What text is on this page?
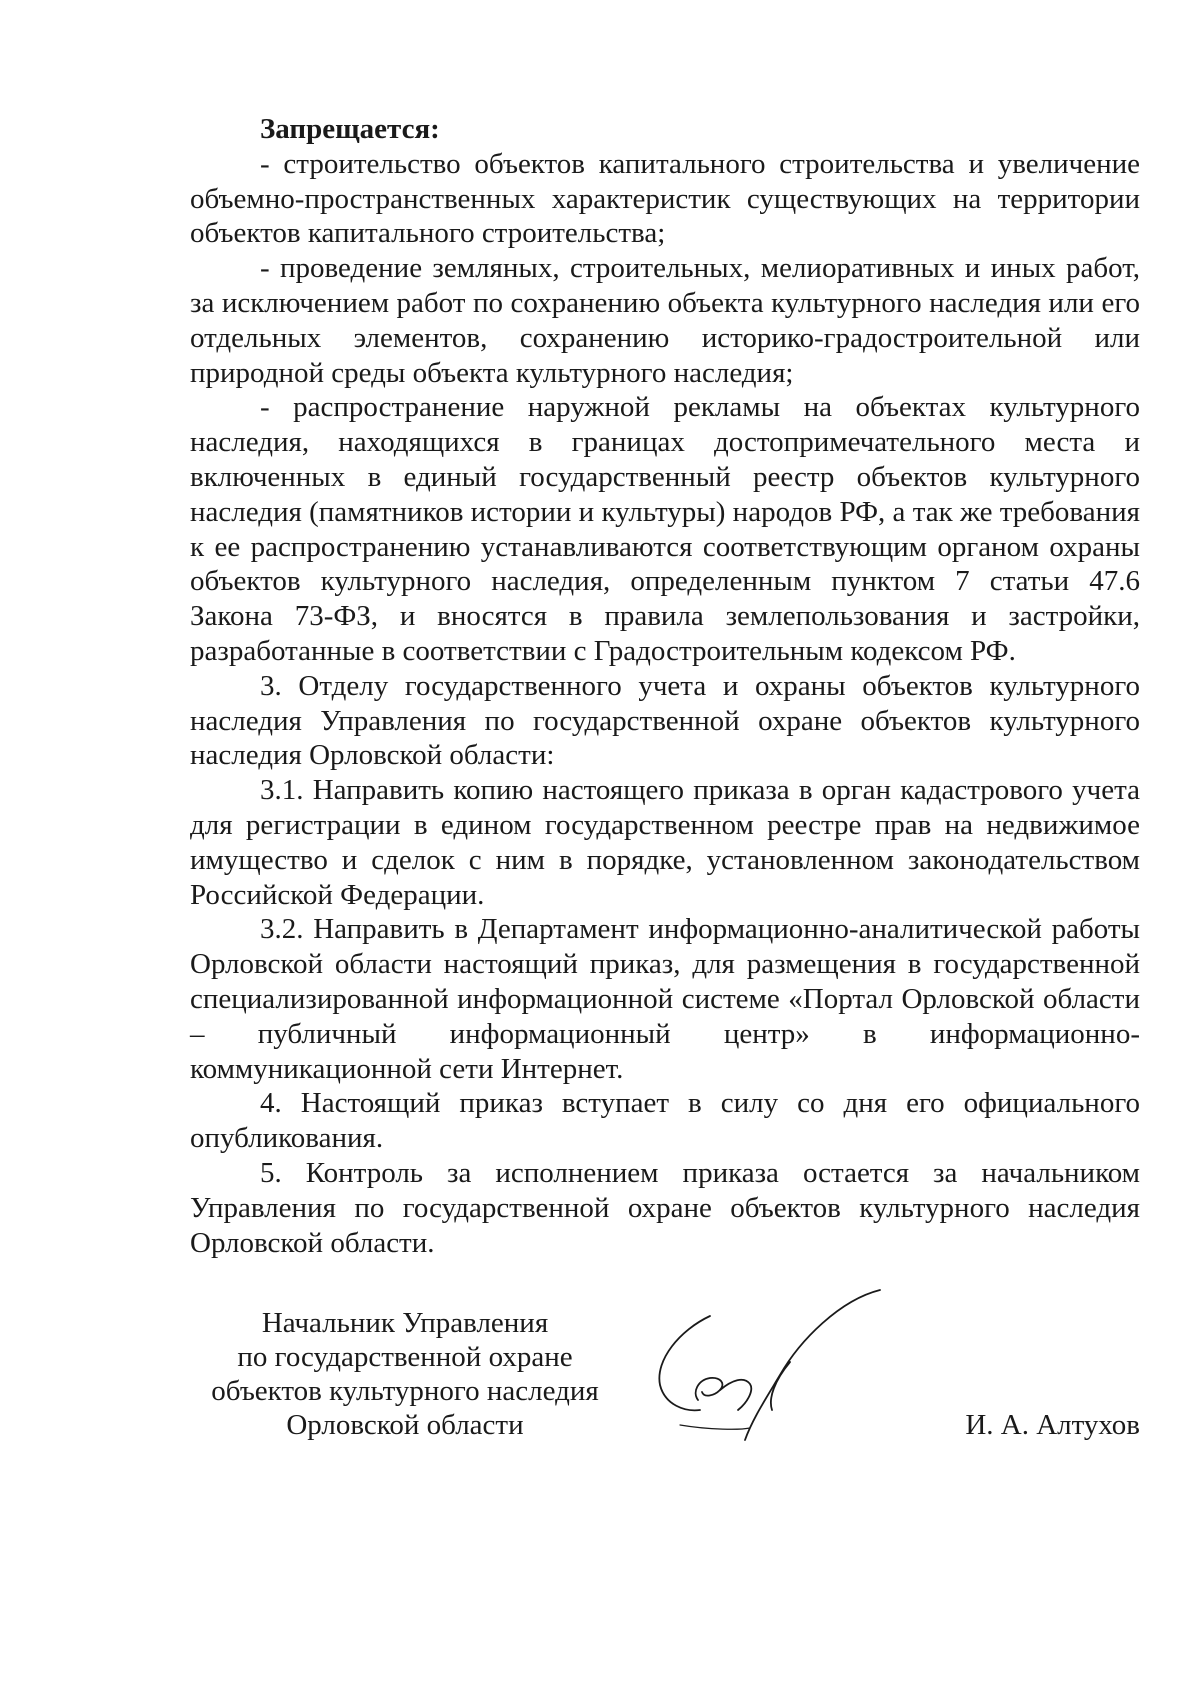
Запрещается:

- строительство объектов капитального строительства и увеличение объемно-пространственных характеристик существующих на территории объектов капитального строительства;

- проведение земляных, строительных, мелиоративных и иных работ, за исключением работ по сохранению объекта культурного наследия или его отдельных элементов, сохранению историко-градостроительной или природной среды объекта культурного наследия;

- распространение наружной рекламы на объектах культурного наследия, находящихся в границах достопримечательного места и включенных в единый государственный реестр объектов культурного наследия (памятников истории и культуры) народов РФ, а так же требования к ее распространению устанавливаются соответствующим органом охраны объектов культурного наследия, определенным пунктом 7 статьи 47.6 Закона 73-ФЗ, и вносятся в правила землепользования и застройки, разработанные в соответствии с Градостроительным кодексом РФ.

3. Отделу государственного учета и охраны объектов культурного наследия Управления по государственной охране объектов культурного наследия Орловской области:

3.1. Направить копию настоящего приказа в орган кадастрового учета для регистрации в едином государственном реестре прав на недвижимое имущество и сделок с ним в порядке, установленном законодательством Российской Федерации.

3.2. Направить в Департамент информационно-аналитической работы Орловской области настоящий приказ, для размещения в государственной специализированной информационной системе «Портал Орловской области – публичный информационный центр» в информационно-коммуникационной сети Интернет.

4. Настоящий приказ вступает в силу со дня его официального опубликования.

5. Контроль за исполнением приказа остается за начальником Управления по государственной охране объектов культурного наследия Орловской области.

Начальник Управления
по государственной охране
объектов культурного наследия
Орловской области	И. А. Алтухов
